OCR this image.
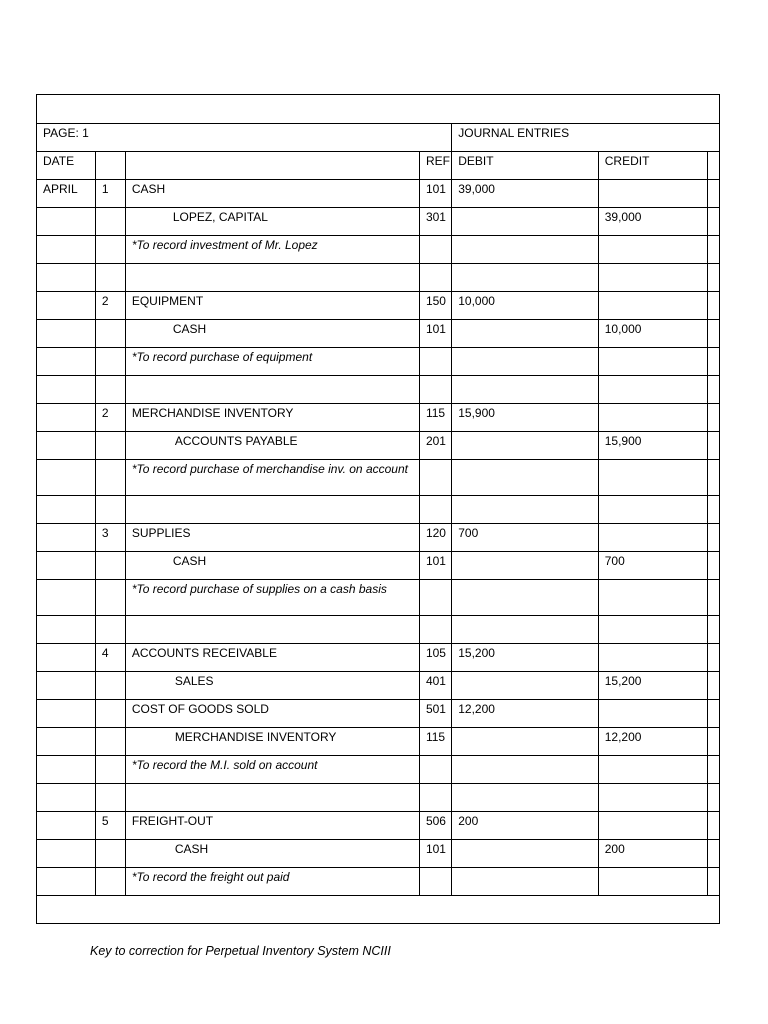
PAGE: 1				JOURNAL ENTRIES		
DATE			REF	DEBIT	CREDIT	
APRIL	1	CASH	101	39,000		
		LOPEZ, CAPITAL	301		39,000	
		*To record investment of Mr. Lopez				

	2	EQUIPMENT	150	10,000		
		CASH	101		10,000	
		*To record purchase of equipment				

	2	MERCHANDISE INVENTORY	115	15,900		
		ACCOUNTS PAYABLE	201		15,900	
		*To record purchase of merchandise inv. on account				

	3	SUPPLIES	120	700		
		CASH	101		700	
		*To record purchase of supplies on a cash basis				

	4	ACCOUNTS RECEIVABLE	105	15,200		
		SALES	401		15,200	
		COST OF GOODS SOLD	501	12,200		
		MERCHANDISE INVENTORY	115		12,200	
		*To record the M.I. sold on account				

	5	FREIGHT-OUT	506	200		
		CASH	101		200	
		*To record the freight out paid				

Key to correction for Perpetual Inventory System NCIII
